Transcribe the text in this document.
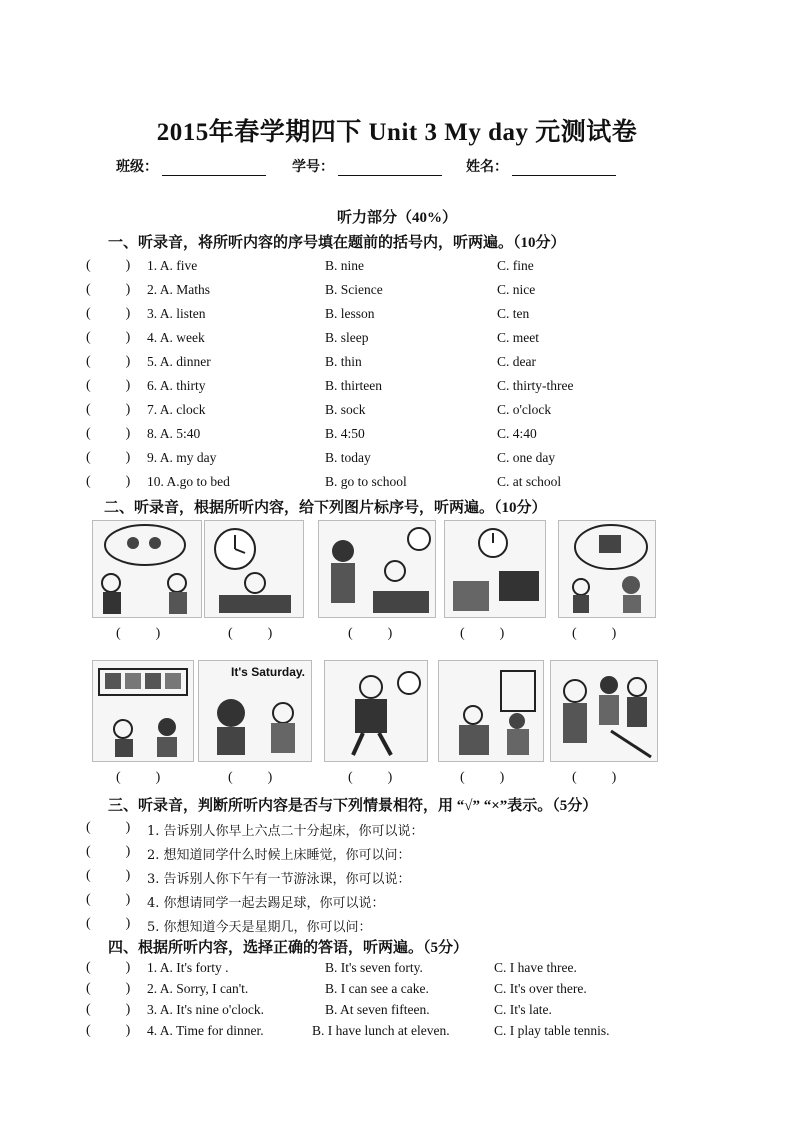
2015年春学期四下 Unit 3 My day 元测试卷
班级：	学号：	姓名：
听力部分（40%）
一、听录音，将所听内容的序号填在题前的括号内，听两遍。（10分）
(          ) 1. A. five	B. nine	C. fine
(          ) 2. A. Maths	B. Science	C. nice
(          ) 3. A. listen	B. lesson	C. ten
(          ) 4. A. week	B. sleep	C. meet
(          ) 5. A. dinner	B. thin	C. dear
(          ) 6. A. thirty	B. thirteen	C. thirty-three
(          ) 7. A. clock	B. sock	C. o'clock
(          ) 8. A. 5:40	B. 4:50	C. 4:40
(          ) 9. A. my day	B. today	C. one day
(          ) 10. A.go to bed	B. go to school	C. at school
二、听录音，根据所听内容，给下列图片标序号，听两遍。（10分）
(          )	(          )	(          )	(          )	(          )
It's Saturday.
(          )	(          )	(          )	(          )	(          )
三、听录音，判断所听内容是否与下列情景相符，用 “√” “×”表示。（5分）
(          ) 1. 告诉别人你早上六点二十分起床，你可以说：
(          ) 2. 想知道同学什么时候上床睡觉，你可以问：
(          ) 3. 告诉别人你下午有一节游泳课，你可以说：
(          ) 4. 你想请同学一起去踢足球，你可以说：
(          ) 5. 你想知道今天是星期几，你可以问：
四、根据所听内容，选择正确的答语，听两遍。（5分）
(          ) 1. A. It's forty .	B. It's seven forty.	C. I have three.
(          ) 2. A. Sorry, I can't.	B. I can see a cake.	C. It's over there.
(          ) 3. A. It's nine o'clock.	B. At seven fifteen.	C. It's late.
(          ) 4. A. Time for dinner.	B. I have lunch at eleven.	C. I play table tennis.
